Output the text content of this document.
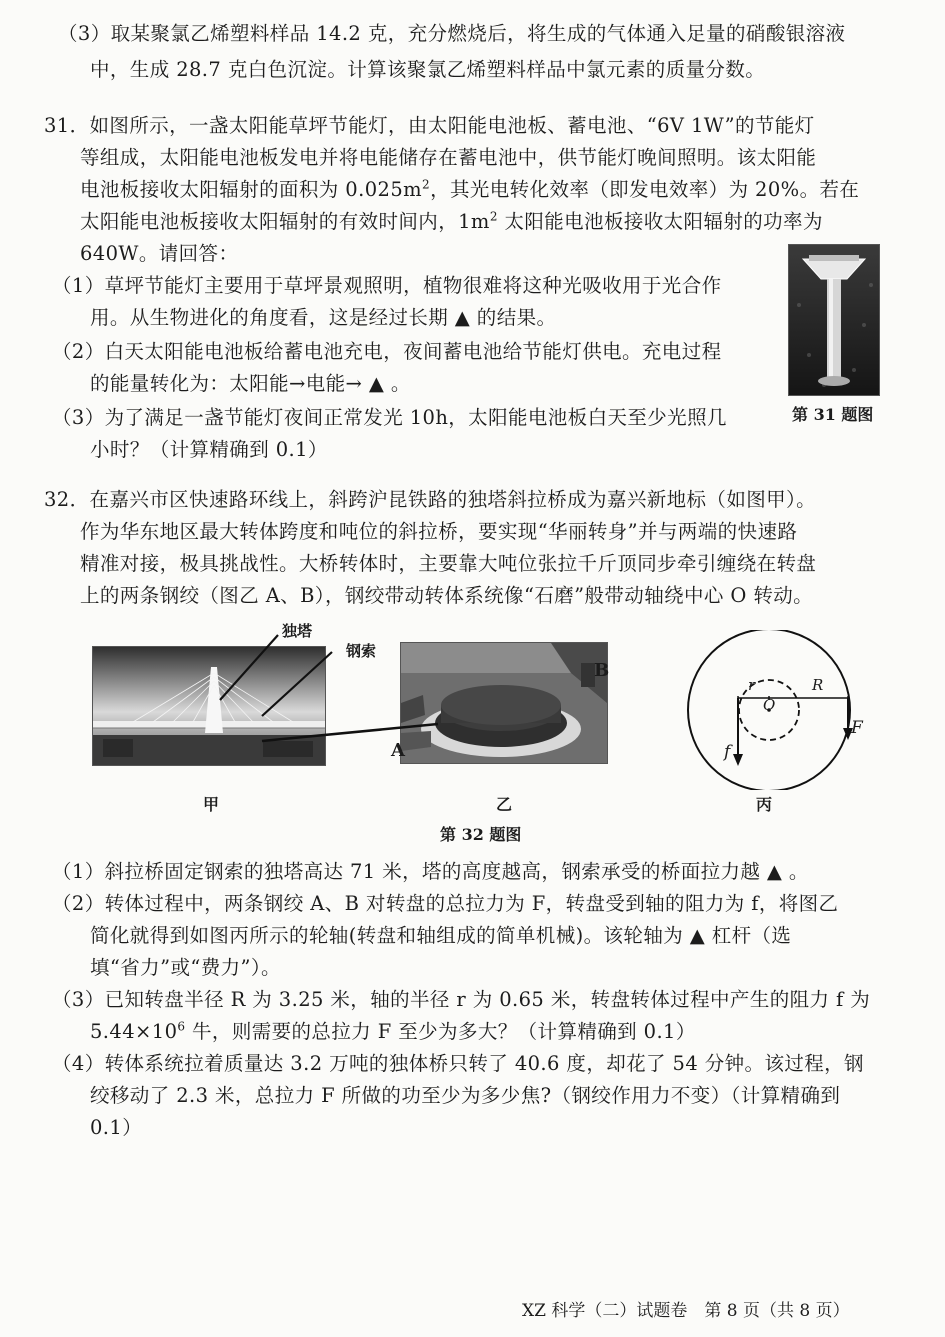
（3）取某聚氯乙烯塑料样品 14.2 克，充分燃烧后，将生成的气体通入足量的硝酸银溶液
中，生成 28.7 克白色沉淀。计算该聚氯乙烯塑料样品中氯元素的质量分数。
31．如图所示，一盏太阳能草坪节能灯，由太阳能电池板、蓄电池、“6V 1W”的节能灯
等组成，太阳能电池板发电并将电能储存在蓄电池中，供节能灯晚间照明。该太阳能
电池板接收太阳辐射的面积为 $0.025m^2$，其光电转化效率（即发电效率）为 20%。若在
太阳能电池板接收太阳辐射的有效时间内，$1m^2$ 太阳能电池板接收太阳辐射的功率为
640W。请回答：
（1）草坪节能灯主要用于草坪景观照明，植物很难将这种光吸收用于光合作
用。从生物进化的角度看，这是经过长期 ▲ 的结果。
（2）白天太阳能电池板给蓄电池充电，夜间蓄电池给节能灯供电。充电过程
的能量转化为：太阳能→电能→ ▲ 。
（3）为了满足一盏节能灯夜间正常发光 10h，太阳能电池板白天至少光照几
小时？（计算精确到 0.1）
第 31 题图
32．在嘉兴市区快速路环线上，斜跨沪昆铁路的独塔斜拉桥成为嘉兴新地标（如图甲）。
作为华东地区最大转体跨度和吨位的斜拉桥，要实现“华丽转身”并与两端的快速路
精准对接，极具挑战性。大桥转体时，主要靠大吨位张拉千斤顶同步牵引缠绕在转盘
上的两条钢绞（图乙 A、B），钢绞带动转体系统像“石磨”般带动轴绕中心 O 转动。
独塔
钢索
B
A
r	R
O
F
f
甲	乙	丙
第 32 题图
（1）斜拉桥固定钢索的独塔高达 71 米，塔的高度越高，钢索承受的桥面拉力越 ▲ 。
（2）转体过程中，两条钢绞 A、B 对转盘的总拉力为 F，转盘受到轴的阻力为 f，将图乙
简化就得到如图丙所示的轮轴(转盘和轴组成的简单机械)。该轮轴为 ▲ 杠杆（选
填“省力”或“费力”）。
（3）已知转盘半径 R 为 3.25 米，轴的半径 r 为 0.65 米，转盘转体过程中产生的阻力 f 为
$5.44\times 10^6$ 牛，则需要的总拉力 F 至少为多大？（计算精确到 0.1）
（4）转体系统拉着质量达 3.2 万吨的独体桥只转了 40.6 度，却花了 54 分钟。该过程，钢
绞移动了 2.3 米，总拉力 F 所做的功至少为多少焦?（钢绞作用力不变）（计算精确到
0.1）
XZ 科学（二）试题卷　第 8 页（共 8 页）
